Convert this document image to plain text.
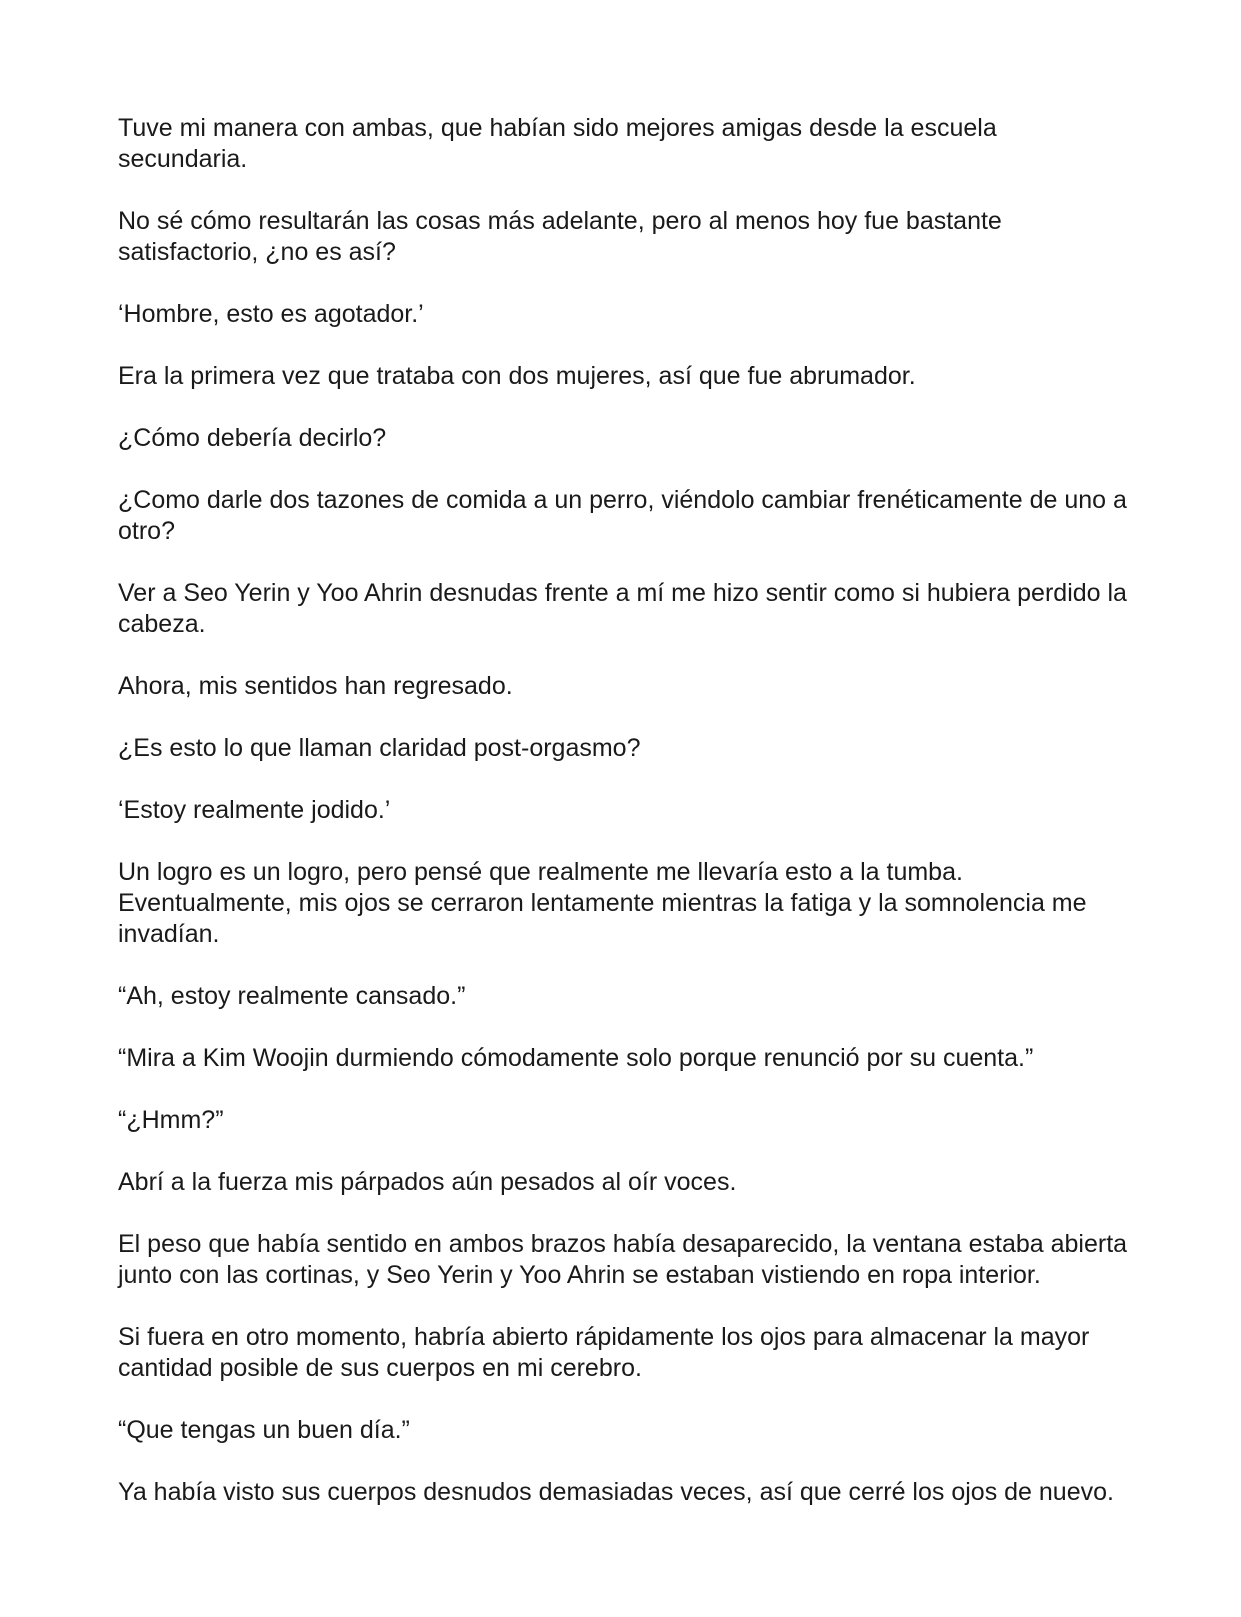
Tuve mi manera con ambas, que habían sido mejores amigas desde la escuela secundaria.

No sé cómo resultarán las cosas más adelante, pero al menos hoy fue bastante satisfactorio, ¿no es así?

‘Hombre, esto es agotador.’

Era la primera vez que trataba con dos mujeres, así que fue abrumador.

¿Cómo debería decirlo?

¿Como darle dos tazones de comida a un perro, viéndolo cambiar frenéticamente de uno a otro?

Ver a Seo Yerin y Yoo Ahrin desnudas frente a mí me hizo sentir como si hubiera perdido la cabeza.

Ahora, mis sentidos han regresado.

¿Es esto lo que llaman claridad post-orgasmo?

‘Estoy realmente jodido.’

Un logro es un logro, pero pensé que realmente me llevaría esto a la tumba. Eventualmente, mis ojos se cerraron lentamente mientras la fatiga y la somnolencia me invadían.

“Ah, estoy realmente cansado.”

“Mira a Kim Woojin durmiendo cómodamente solo porque renunció por su cuenta.”

“¿Hmm?”

Abrí a la fuerza mis párpados aún pesados al oír voces.

El peso que había sentido en ambos brazos había desaparecido, la ventana estaba abierta junto con las cortinas, y Seo Yerin y Yoo Ahrin se estaban vistiendo en ropa interior.

Si fuera en otro momento, habría abierto rápidamente los ojos para almacenar la mayor cantidad posible de sus cuerpos en mi cerebro.

“Que tengas un buen día.”

Ya había visto sus cuerpos desnudos demasiadas veces, así que cerré los ojos de nuevo.
